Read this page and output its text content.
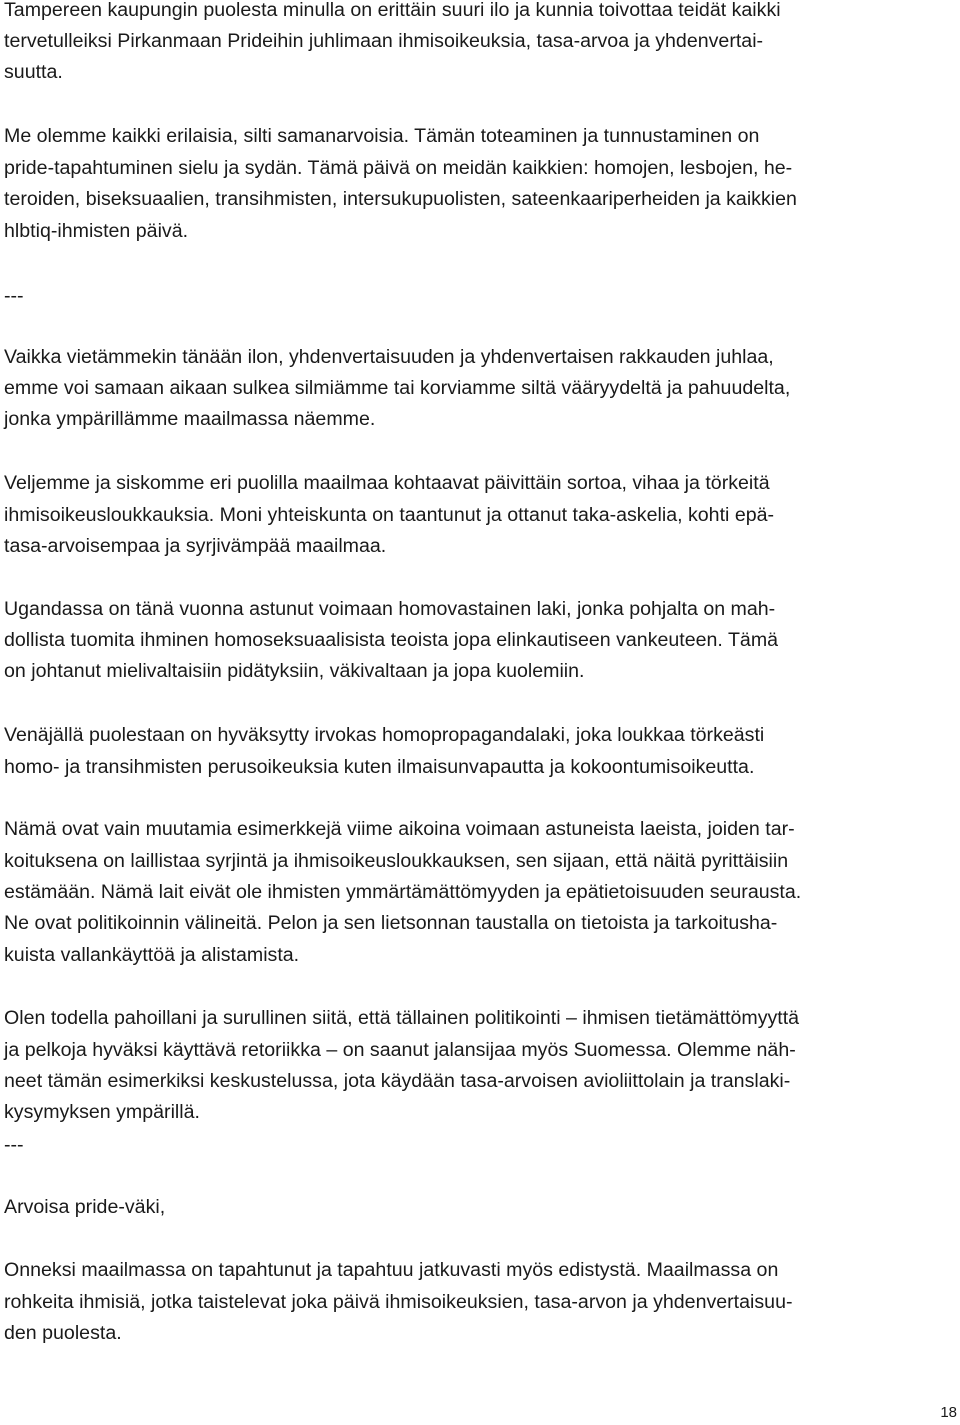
Tampereen kaupungin puolesta minulla on erittäin suuri ilo ja kunnia toivottaa teidät kaikki
tervetulleiksi Pirkanmaan Prideihin juhlimaan ihmisoikeuksia, tasa-arvoa ja yhdenvertai-
suutta.
Me olemme kaikki erilaisia, silti samanarvoisia. Tämän toteaminen ja tunnustaminen on
pride-tapahtuminen sielu ja sydän. Tämä päivä on meidän kaikkien: homojen, lesbojen, he-
teroiden, biseksuaalien, transihmisten, intersukupuolisten, sateenkaariperheiden ja kaikkien
hlbtiq-ihmisten päivä.
---
Vaikka vietämmekin tänään ilon, yhdenvertaisuuden ja yhdenvertaisen rakkauden juhlaa,
emme voi samaan aikaan sulkea silmiämme tai korviamme siltä vääryydeltä ja pahuudelta,
jonka ympärillämme maailmassa näemme.
Veljemme ja siskomme eri puolilla maailmaa kohtaavat päivittäin sortoa, vihaa ja törkeitä
ihmisoikeusloukkauksia. Moni yhteiskunta on taantunut ja ottanut taka-askelia, kohti epä-
tasa-arvoisempaa ja syrjivämpää maailmaa.
Ugandassa on tänä vuonna astunut voimaan homovastainen laki, jonka pohjalta on mah-
dollista tuomita ihminen homoseksuaalisista teoista jopa elinkautiseen vankeuteen. Tämä
on johtanut mielivaltaisiin pidätyksiin, väkivaltaan ja jopa kuolemiin.
Venäjällä puolestaan on hyväksytty irvokas homopropagandalaki, joka loukkaa törkeästi
homo- ja transihmisten perusoikeuksia kuten ilmaisunvapautta ja kokoontumisoikeutta.
Nämä ovat vain muutamia esimerkkejä viime aikoina voimaan astuneista laeista, joiden tar-
koituksena on laillistaa syrjintä ja ihmisoikeusloukkauksen, sen sijaan, että näitä pyrittäisiin
estämään. Nämä lait eivät ole ihmisten ymmärtämättömyyden ja epätietoisuuden seurausta.
Ne ovat politikoinnin välineitä. Pelon ja sen lietsonnan taustalla on tietoista ja tarkoitusha-
kuista vallankäyttöä ja alistamista.
Olen todella pahoillani ja surullinen siitä, että tällainen politikointi – ihmisen tietämättömyyttä
ja pelkoja hyväksi käyttävä retoriikka – on saanut jalansijaa myös Suomessa. Olemme näh-
neet tämän esimerkiksi keskustelussa, jota käydään tasa-arvoisen avioliittolain ja translaki-
kysymyksen ympärillä.
---
Arvoisa pride-väki,
Onneksi maailmassa on tapahtunut ja tapahtuu jatkuvasti myös edistystä. Maailmassa on
rohkeita ihmisiä, jotka taistelevat joka päivä ihmisoikeuksien, tasa-arvon ja yhdenvertaisuu-
den puolesta.
18
